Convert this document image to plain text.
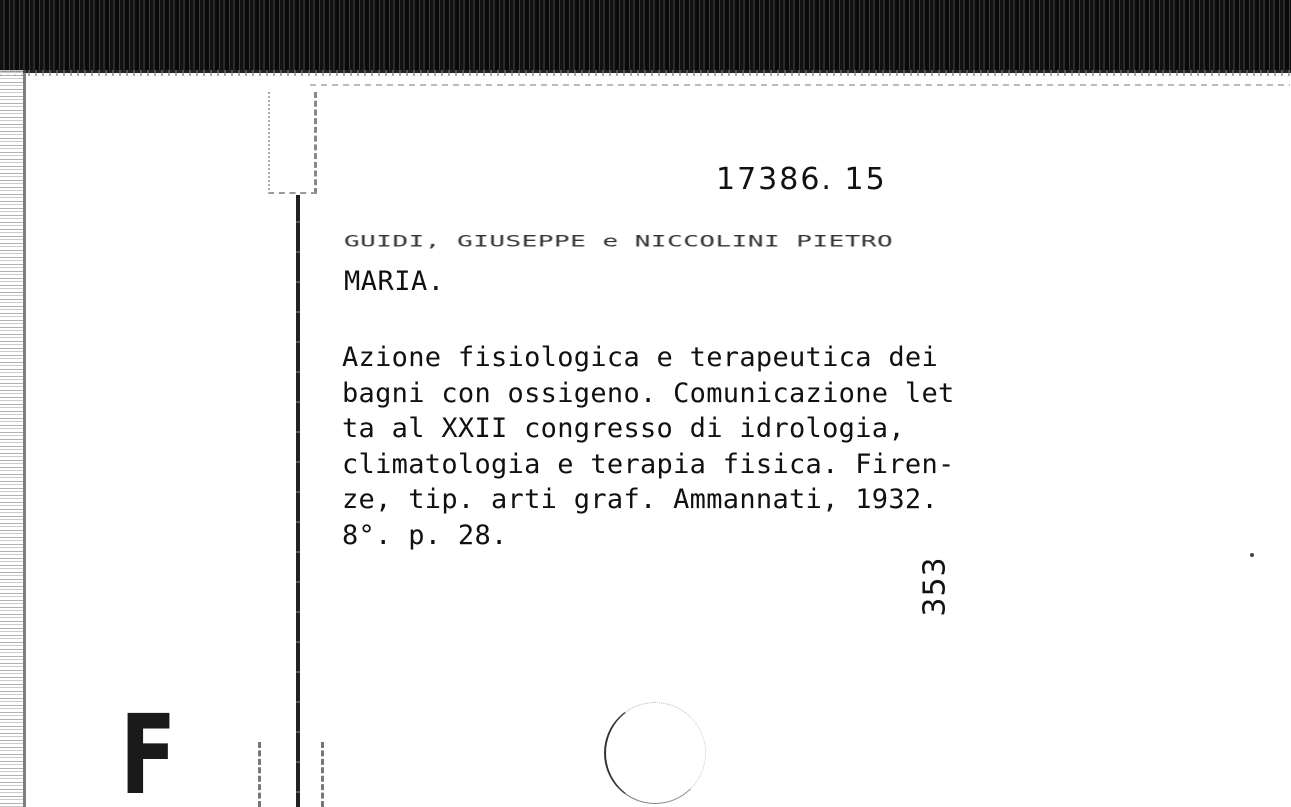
17386. 15
GUIDI, GIUSEPPE e NICCOLINI PIETRO
MARIA.
Azione fisiologica e terapeutica dei
bagni con ossigeno. Comunicazione let
ta al XXII congresso di idrologia,
climatologia e terapia fisica. Firen-
ze, tip. arti graf. Ammannati, 1932.
8°. p. 28.
353
F
